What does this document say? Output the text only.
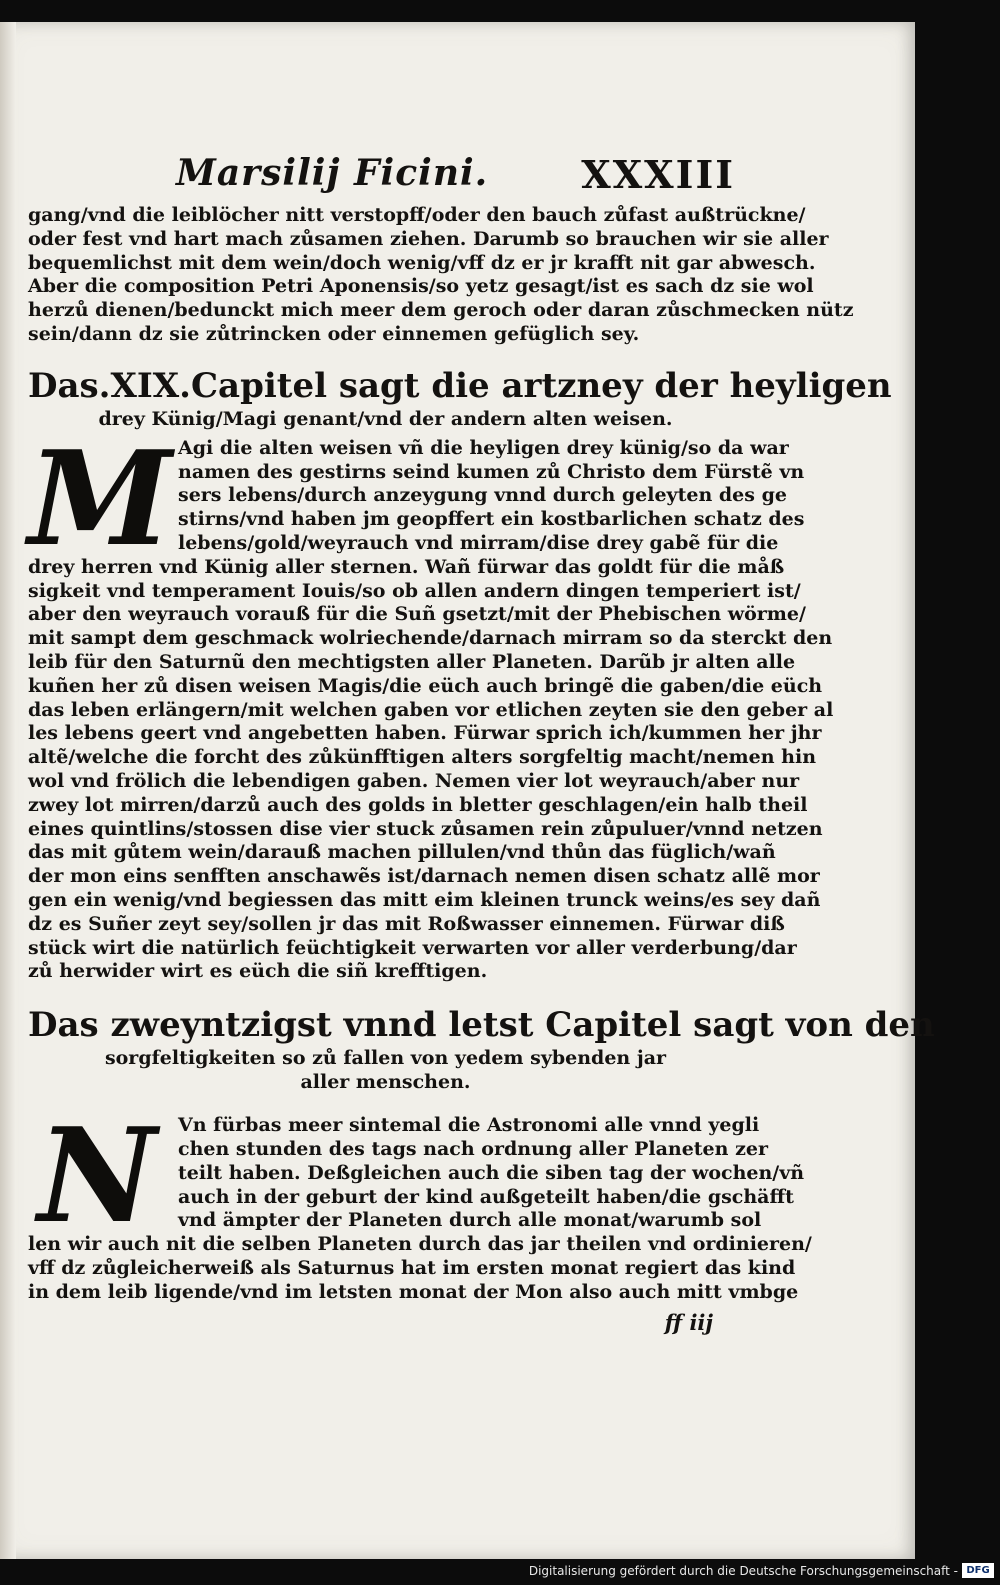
Marsilij Ficini. XXXIII
gang/vnd die leiblöcher nitt verstopff/oder den bauch zůfast außtrückne/
oder fest vnd hart mach zůsamen ziehen. Darumb so brauchen wir sie aller
bequemlichst mit dem wein/doch wenig/vff dz er jr krafft nit gar abwesch.
Aber die composition Petri Aponensis/so yetz gesagt/ist es sach dz sie wol
herzů dienen/bedunckt mich meer dem geroch oder daran zůschmecken nütz
sein/dann dz sie zůtrincken oder einnemen gefüglich sey.
Das.XIX.Capitel sagt die artzney der heyligen
drey Künig/Magi genant/vnd der andern alten weisen.
M Agi die alten weisen vñ die heyligen drey künig/so da war
namen des gestirns seind kumen zů Christo dem Fürstẽ vn
sers lebens/durch anzeygung vnnd durch geleyten des ge
stirns/vnd haben jm geopffert ein kostbarlichen schatz des
lebens/gold/weyrauch vnd mirram/dise drey gabẽ für die
drey herren vnd Künig aller sternen. Wañ fürwar das goldt für die måß
sigkeit vnd temperament Iouis/so ob allen andern dingen temperiert ist/
aber den weyrauch vorauß für die Suñ gsetzt/mit der Phebischen wörme/
mit sampt dem geschmack wolriechende/darnach mirram so da sterckt den
leib für den Saturnũ den mechtigsten aller Planeten. Darũb jr alten alle
kuñen her zů disen weisen Magis/die eüch auch bringẽ die gaben/die eüch
das leben erlängern/mit welchen gaben vor etlichen zeyten sie den geber al
les lebens geert vnd angebetten haben. Fürwar sprich ich/kummen her jhr
altẽ/welche die forcht des zůkünfftigen alters sorgfeltig macht/nemen hin
wol vnd frölich die lebendigen gaben. Nemen vier lot weyrauch/aber nur
zwey lot mirren/darzů auch des golds in bletter geschlagen/ein halb theil
eines quintlins/stossen dise vier stuck zůsamen rein zůpuluer/vnnd netzen
das mit gůtem wein/darauß machen pillulen/vnd thůn das füglich/wañ
der mon eins senfften anschawẽs ist/darnach nemen disen schatz allẽ mor
gen ein wenig/vnd begiessen das mitt eim kleinen trunck weins/es sey dañ
dz es Suñer zeyt sey/sollen jr das mit Roßwasser einnemen. Fürwar diß
stück wirt die natürlich feüchtigkeit verwarten vor aller verderbung/dar
zů herwider wirt es eüch die siñ krefftigen.
Das zweyntzigst vnnd letst Capitel sagt von den
sorgfeltigkeiten so zů fallen von yedem sybenden jar
aller menschen.
N	Vn fürbas meer sintemal die Astronomi alle vnnd yegli
chen stunden des tags nach ordnung aller Planeten zer
teilt haben. Deßgleichen auch die siben tag der wochen/vñ
auch in der geburt der kind außgeteilt haben/die gschäfft
vnd ämpter der Planeten durch alle monat/warumb sol
len wir auch nit die selben Planeten durch das jar theilen vnd ordinieren/
vff dz zůgleicherweiß als Saturnus hat im ersten monat regiert das kind
in dem leib ligende/vnd im letsten monat der Mon also auch mitt vmbge
ff iij
Digitalisierung gefördert durch die Deutsche Forschungsgemeinschaft - DFG
